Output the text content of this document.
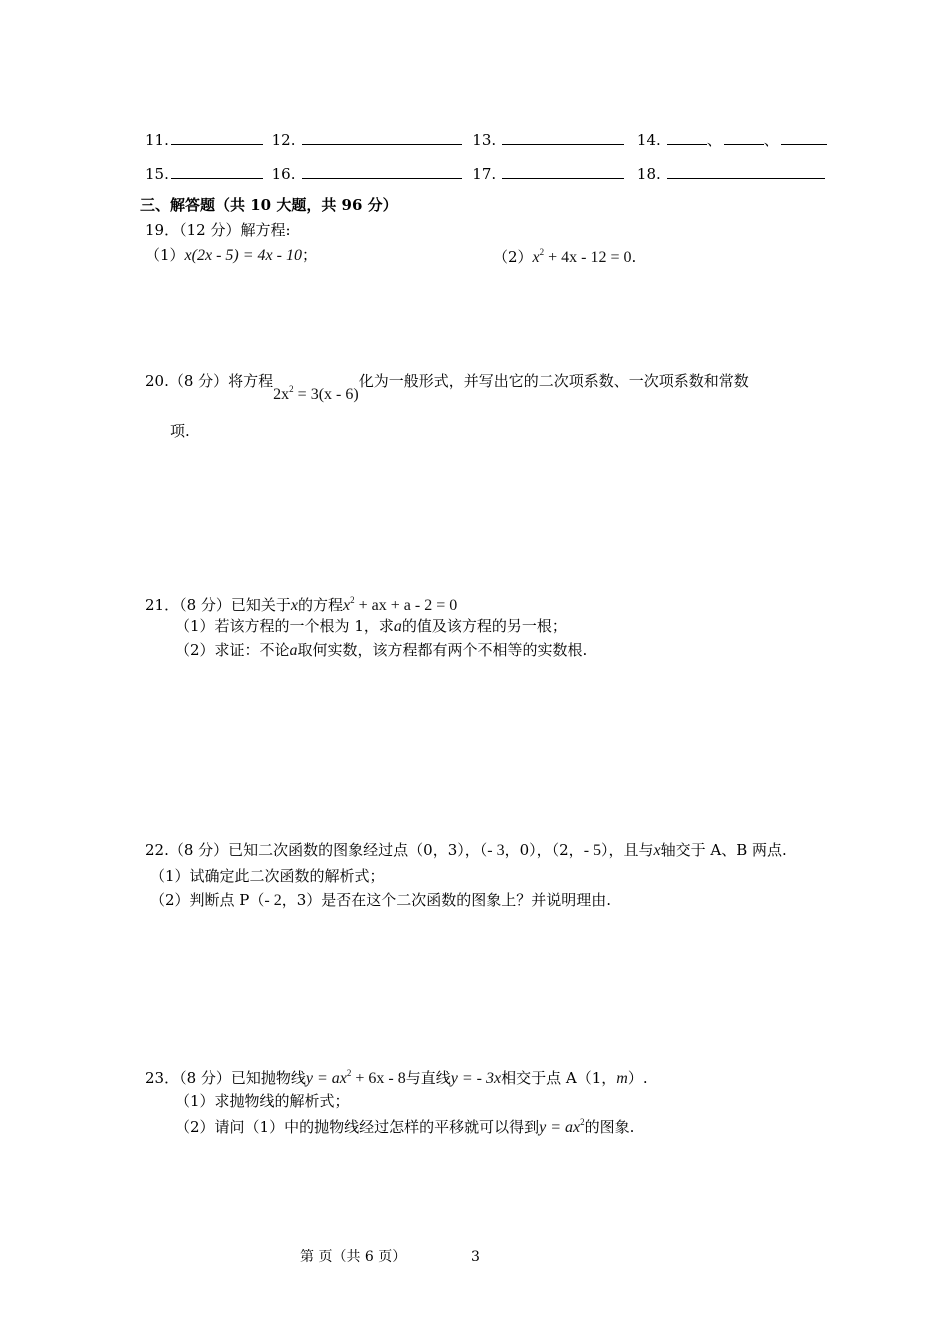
11.	12.	13.	14.	、	、
15.	16.	17.	18.
三、解答题（共 10 大题，共 96 分）
19．（12 分）解方程:
（1）x(2x - 5) = 4x - 10；	$(2)x^2 + 4x - 12 = 0$.
20.（8 分）将方程$2x^2 = 3(x - 6)$化为一般形式，并写出它的二次项系数、一次项系数和常数
项.
21．（8 分）已知关于x的方程$x^2$ + ax + a - 2 = 0
（1）若该方程的一个根为 1，求a的值及该方程的另一根；
（2）求证：不论a取何实数，该方程都有两个不相等的实数根.
22.（8 分）已知二次函数的图象经过点（0，3），（- 3，0），（2，- 5），且与x轴交于 A、B 两点.
（1）试确定此二次函数的解析式；
（2）判断点 P（- 2，3）是否在这个二次函数的图象上？并说明理由.
23．（8 分）已知抛物线$y = ax^2 + 6x - 8$与直线y = - 3x相交于点 A（1，m）.
（1）求抛物线的解析式；
（2）请问（1）中的抛物线经过怎样的平移就可以得到$y = ax^2$的图象.
第 页（共 6 页）	3
